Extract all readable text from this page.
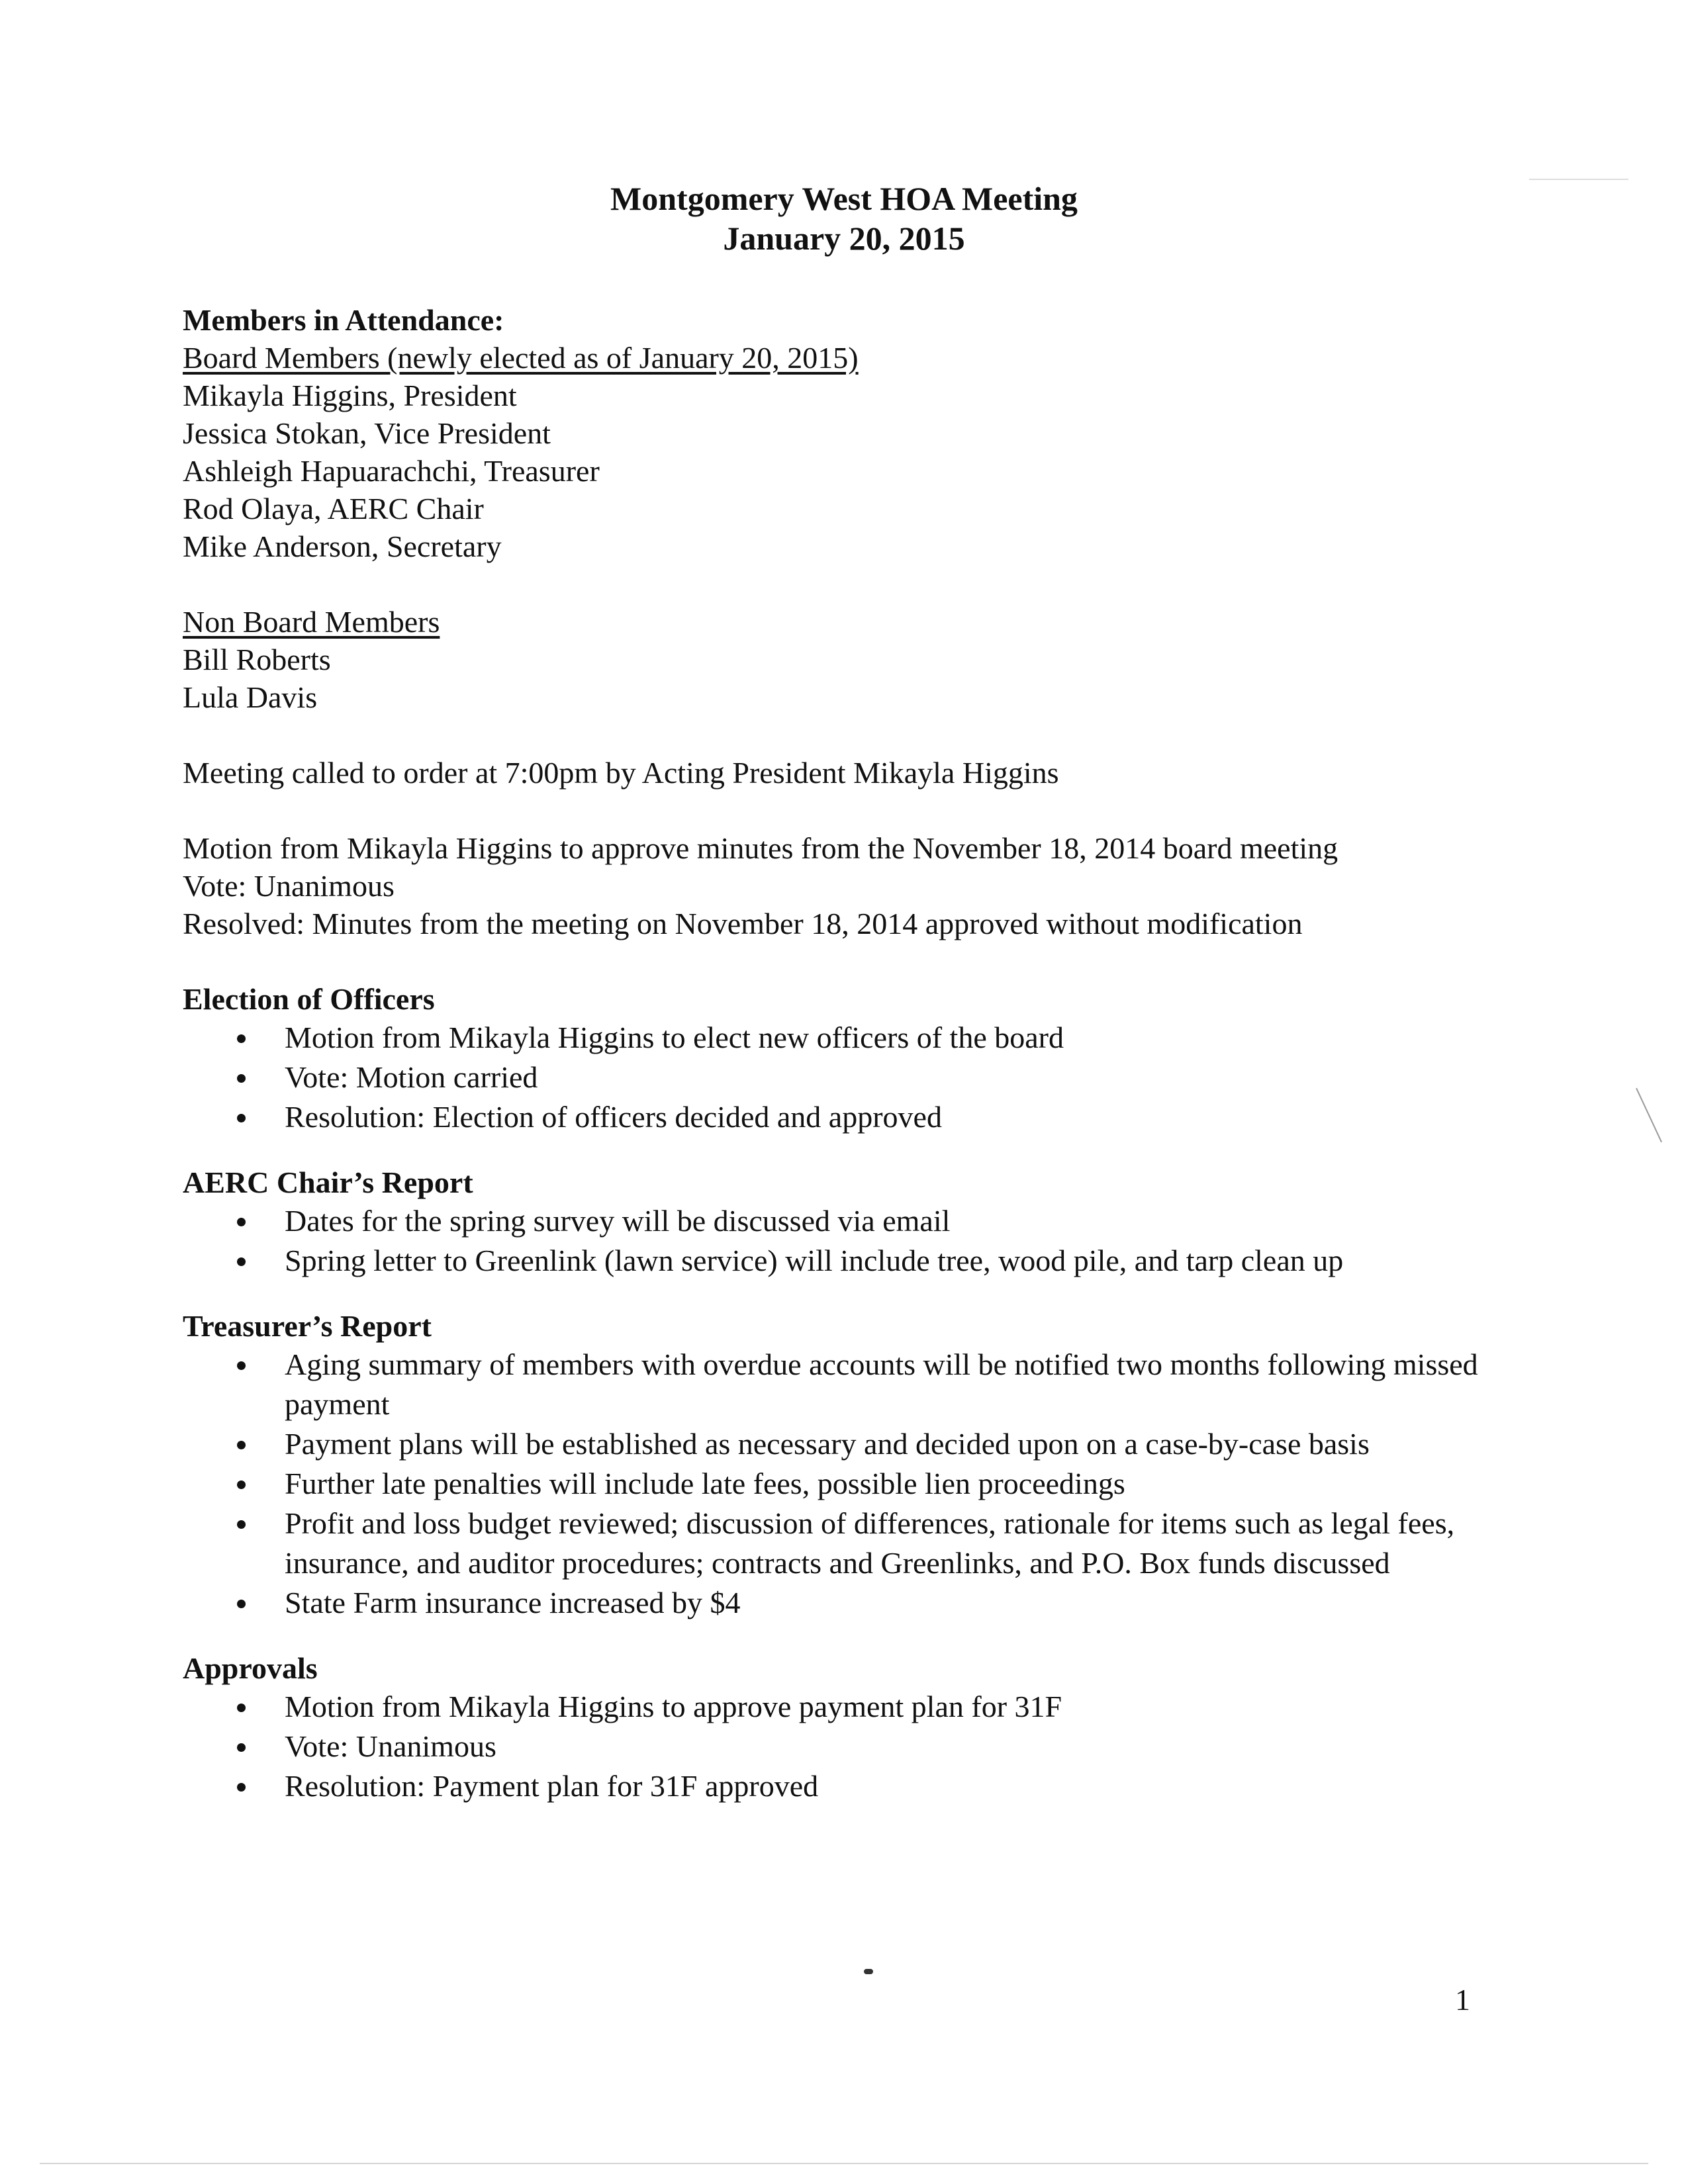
Montgomery West HOA Meeting
January 20, 2015
Members in Attendance:
Board Members (newly elected as of January 20, 2015)
Mikayla Higgins, President
Jessica Stokan, Vice President
Ashleigh Hapuarachchi, Treasurer
Rod Olaya, AERC Chair
Mike Anderson, Secretary
Non Board Members
Bill Roberts
Lula Davis
Meeting called to order at 7:00pm by Acting President Mikayla Higgins
Motion from Mikayla Higgins to approve minutes from the November 18, 2014 board meeting
Vote: Unanimous
Resolved: Minutes from the meeting on November 18, 2014 approved without modification
Election of Officers
Motion from Mikayla Higgins to elect new officers of the board
Vote: Motion carried
Resolution: Election of officers decided and approved
AERC Chair’s Report
Dates for the spring survey will be discussed via email
Spring letter to Greenlink (lawn service) will include tree, wood pile, and tarp clean up
Treasurer’s Report
Aging summary of members with overdue accounts will be notified two months following missed payment
Payment plans will be established as necessary and decided upon on a case-by-case basis
Further late penalties will include late fees, possible lien proceedings
Profit and loss budget reviewed; discussion of differences, rationale for items such as legal fees, insurance, and auditor procedures; contracts and Greenlinks, and P.O. Box funds discussed
State Farm insurance increased by $4
Approvals
Motion from Mikayla Higgins to approve payment plan for 31F
Vote: Unanimous
Resolution: Payment plan for 31F approved
1
